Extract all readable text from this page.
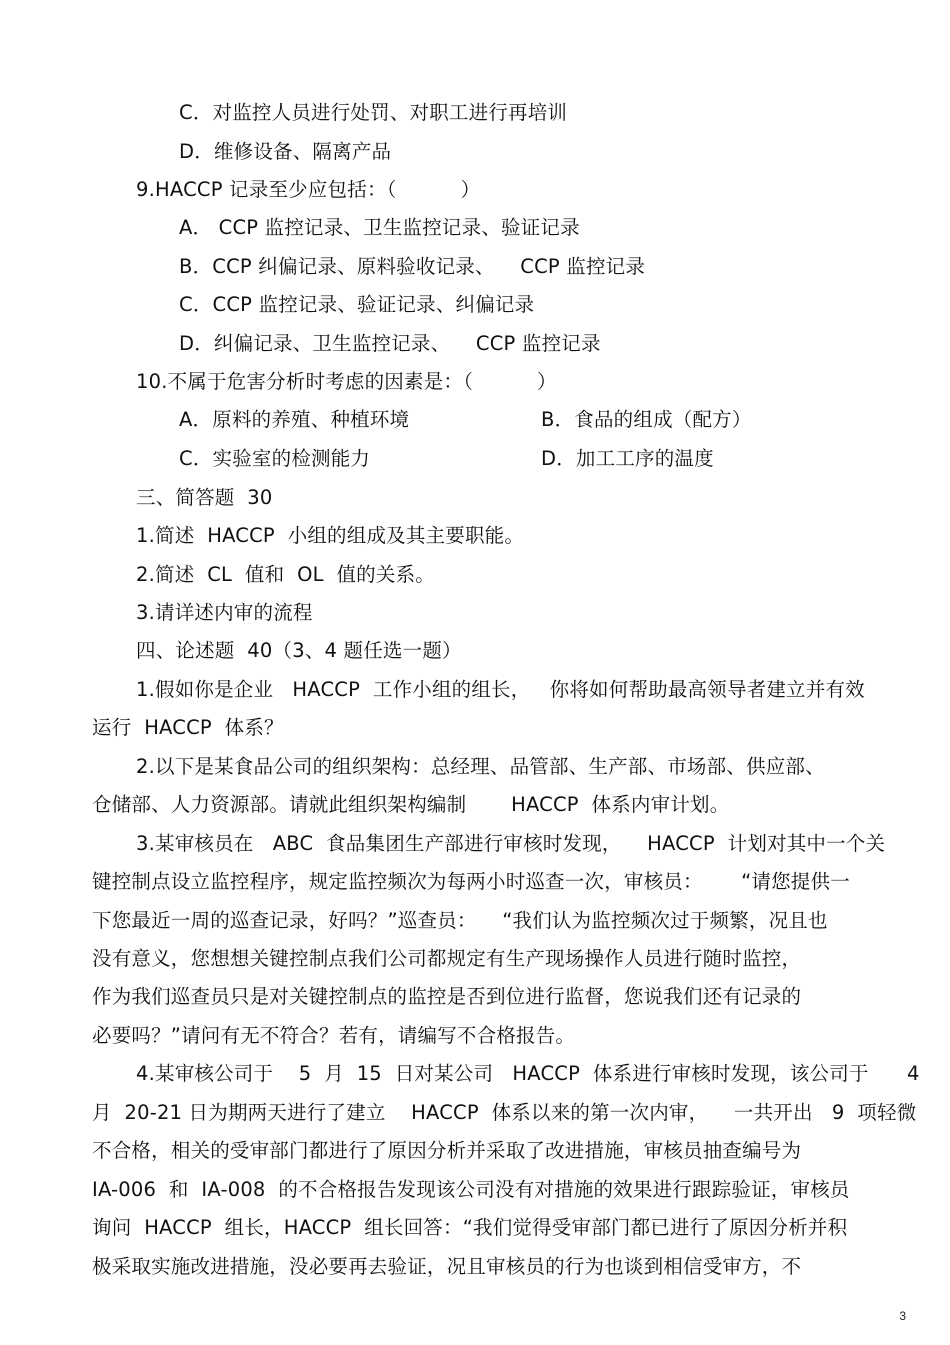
C．对监控人员进行处罚、对职工进行再培训
D．维修设备、隔离产品
9.HACCP 记录至少应包括：（          ）
A． CCP 监控记录、卫生监控记录、验证记录
B．CCP 纠偏记录、原料验收记录、    CCP 监控记录
C．CCP 监控记录、验证记录、纠偏记录
D．纠偏记录、卫生监控记录、    CCP 监控记录
10.不属于危害分析时考虑的因素是：（          ）
A．原料的养殖、种植环境	B．食品的组成（配方）
C．实验室的检测能力	D．加工工序的温度
三、简答题  30
1.简述  HACCP  小组的组成及其主要职能。
2.简述  CL  值和  OL  值的关系。
3.请详述内审的流程
四、论述题  40（3、4 题任选一题）
1.假如你是企业   HACCP  工作小组的组长，   你将如何帮助最高领导者建立并有效
运行  HACCP  体系？
2.以下是某食品公司的组织架构：总经理、品管部、生产部、市场部、供应部、
仓储部、人力资源部。请就此组织架构编制       HACCP  体系内审计划。
3.某审核员在   ABC  食品集团生产部进行审核时发现，    HACCP  计划对其中一个关
键控制点设立监控程序，规定监控频次为每两小时巡查一次，审核员：      “请您提供一
下您最近一周的巡查记录，好吗？”巡查员：    “我们认为监控频次过于频繁，况且也
没有意义，您想想关键控制点我们公司都规定有生产现场操作人员进行随时监控，
作为我们巡查员只是对关键控制点的监控是否到位进行监督，您说我们还有记录的
必要吗？”请问有无不符合？若有，请编写不合格报告。
4.某审核公司于    5  月  15  日对某公司   HACCP  体系进行审核时发现，该公司于      4
月  20-21 日为期两天进行了建立    HACCP  体系以来的第一次内审，    一共开出   9  项轻微
不合格，相关的受审部门都进行了原因分析并采取了改进措施，审核员抽查编号为
IA-006  和  IA-008  的不合格报告发现该公司没有对措施的效果进行跟踪验证，审核员
询问  HACCP  组长，HACCP  组长回答：“我们觉得受审部门都已进行了原因分析并积
极采取实施改进措施，没必要再去验证，况且审核员的行为也谈到相信受审方，不
3
